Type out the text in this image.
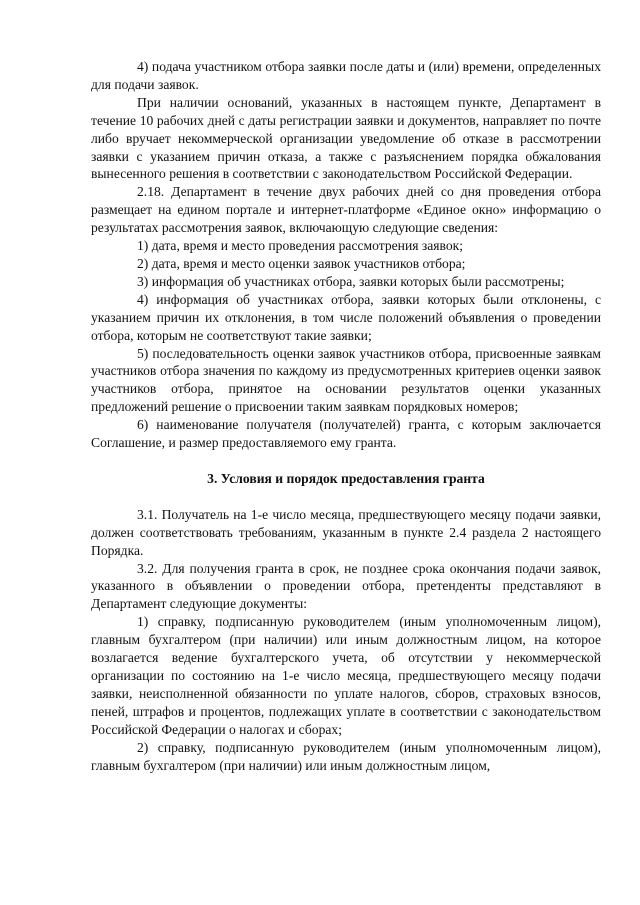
4) подача участником отбора заявки после даты и (или) времени, определенных для подачи заявок.

При наличии оснований, указанных в настоящем пункте, Департамент в течение 10 рабочих дней с даты регистрации заявки и документов, направляет по почте либо вручает некоммерческой организации уведомление об отказе в рассмотрении заявки с указанием причин отказа, а также с разъяснением порядка обжалования вынесенного решения в соответствии с законодательством Российской Федерации.

2.18. Департамент в течение двух рабочих дней со дня проведения отбора размещает на едином портале и интернет-платформе «Единое окно» информацию о результатах рассмотрения заявок, включающую следующие сведения:

1) дата, время и место проведения рассмотрения заявок;

2) дата, время и место оценки заявок участников отбора;

3) информация об участниках отбора, заявки которых были рассмотрены;

4) информация об участниках отбора, заявки которых были отклонены, с указанием причин их отклонения, в том числе положений объявления о проведении отбора, которым не соответствуют такие заявки;

5) последовательность оценки заявок участников отбора, присвоенные заявкам участников отбора значения по каждому из предусмотренных критериев оценки заявок участников отбора, принятое на основании результатов оценки указанных предложений решение о присвоении таким заявкам порядковых номеров;

6) наименование получателя (получателей) гранта, с которым заключается Соглашение, и размер предоставляемого ему гранта.

3. Условия и порядок предоставления гранта

3.1. Получатель на 1-е число месяца, предшествующего месяцу подачи заявки, должен соответствовать требованиям, указанным в пункте 2.4 раздела 2 настоящего Порядка.

3.2. Для получения гранта в срок, не позднее срока окончания подачи заявок, указанного в объявлении о проведении отбора, претенденты представляют в Департамент следующие документы:

1) справку, подписанную руководителем (иным уполномоченным лицом), главным бухгалтером (при наличии) или иным должностным лицом, на которое возлагается ведение бухгалтерского учета, об отсутствии у некоммерческой организации по состоянию на 1-е число месяца, предшествующего месяцу подачи заявки, неисполненной обязанности по уплате налогов, сборов, страховых взносов, пеней, штрафов и процентов, подлежащих уплате в соответствии с законодательством Российской Федерации о налогах и сборах;

2) справку, подписанную руководителем (иным уполномоченным лицом), главным бухгалтером (при наличии) или иным должностным лицом,
